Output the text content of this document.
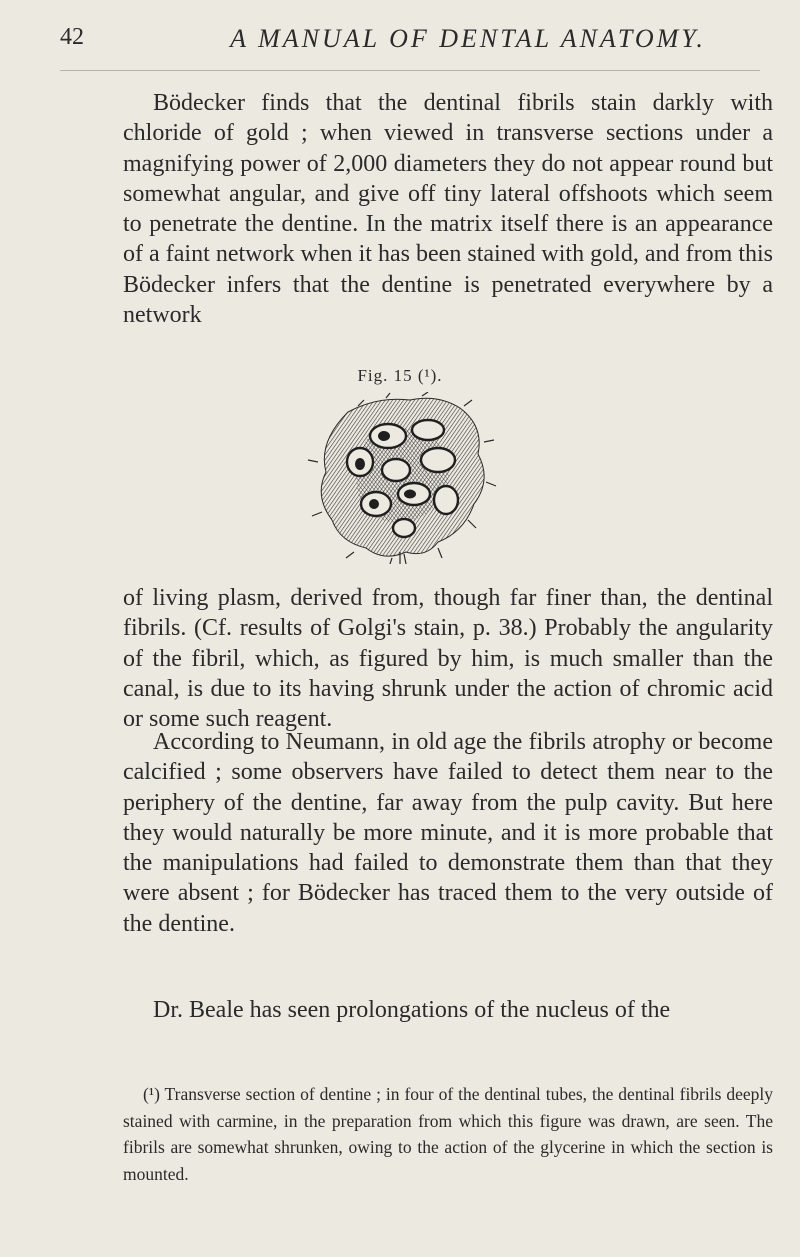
42	A MANUAL OF DENTAL ANATOMY.

Bödecker finds that the dentinal fibrils stain darkly with chloride of gold ; when viewed in transverse sections under a magnifying power of 2,000 diameters they do not appear round but somewhat angular, and give off tiny lateral offshoots which seem to penetrate the dentine. In the matrix itself there is an appearance of a faint network when it has been stained with gold, and from this Bödecker infers that the dentine is penetrated everywhere by a network

Fig. 15 (¹).

of living plasm, derived from, though far finer than, the dentinal fibrils. (Cf. results of Golgi's stain, p. 38.) Probably the angularity of the fibril, which, as figured by him, is much smaller than the canal, is due to its having shrunk under the action of chromic acid or some such reagent.

According to Neumann, in old age the fibrils atrophy or become calcified ; some observers have failed to detect them near to the periphery of the dentine, far away from the pulp cavity. But here they would naturally be more minute, and it is more probable that the manipulations had failed to demonstrate them than that they were absent ; for Bödecker has traced them to the very outside of the dentine.

Dr. Beale has seen prolongations of the nucleus of the

(¹) Transverse section of dentine ; in four of the dentinal tubes, the dentinal fibrils deeply stained with carmine, in the preparation from which this figure was drawn, are seen. The fibrils are somewhat shrunken, owing to the action of the glycerine in which the section is mounted.
